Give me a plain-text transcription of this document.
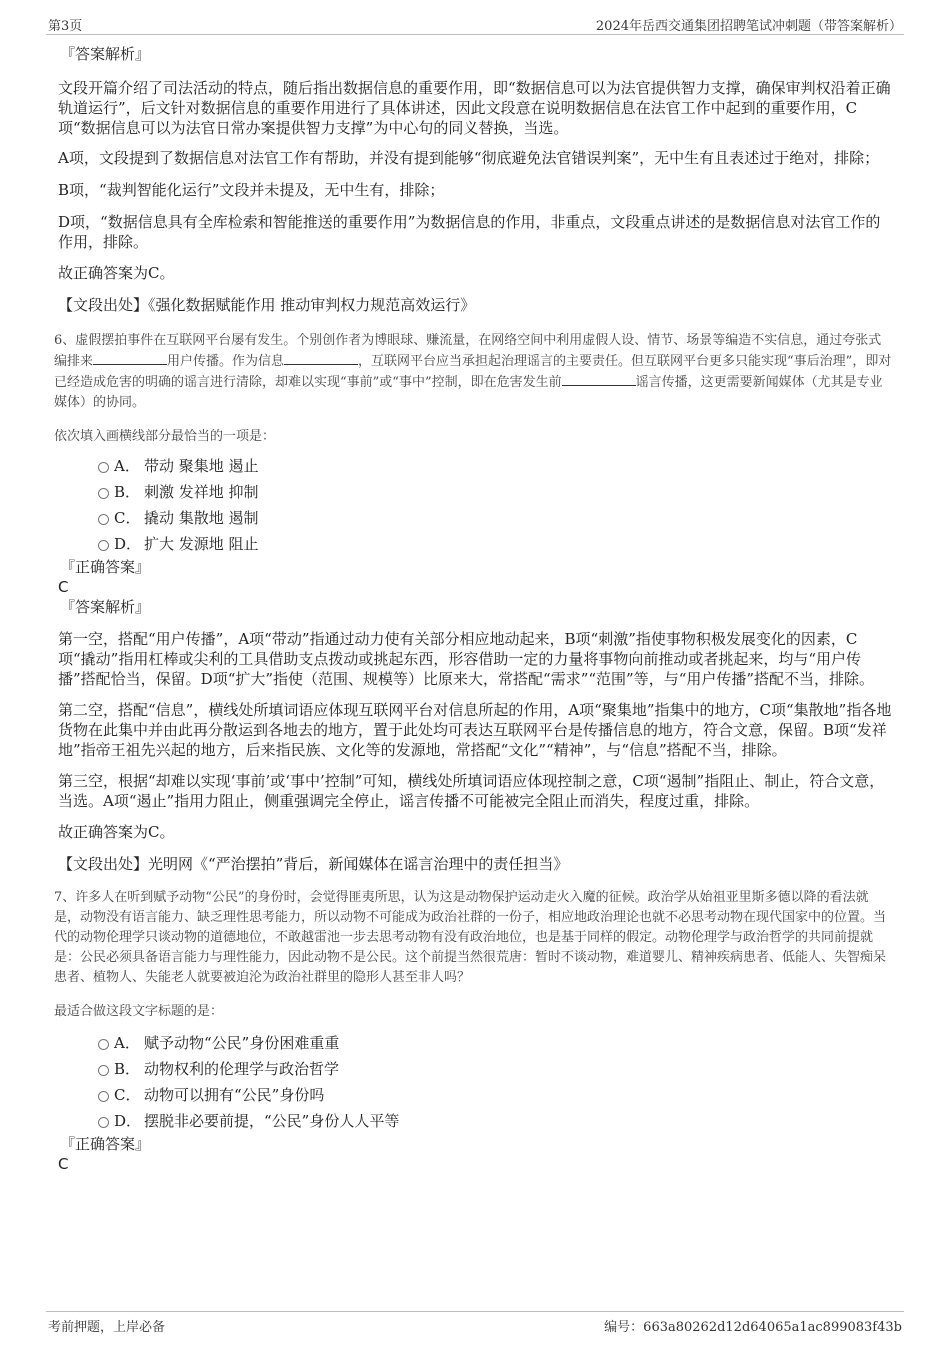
第3页	2024年岳西交通集团招聘笔试冲刺题（带答案解析）
『答案解析』

文段开篇介绍了司法活动的特点，随后指出数据信息的重要作用，即“数据信息可以为法官提供智力支撑，确保审判权沿着正确轨道运行”，后文针对数据信息的重要作用进行了具体讲述，因此文段意在说明数据信息在法官工作中起到的重要作用，C项“数据信息可以为法官日常办案提供智力支撑”为中心句的同义替换，当选。

A项，文段提到了数据信息对法官工作有帮助，并没有提到能够“彻底避免法官错误判案”，无中生有且表述过于绝对，排除；

B项，“裁判智能化运行”文段并未提及，无中生有，排除；

D项，“数据信息具有全库检索和智能推送的重要作用”为数据信息的作用，非重点，文段重点讲述的是数据信息对法官工作的作用，排除。

故正确答案为C。

【文段出处】《强化数据赋能作用 推动审判权力规范高效运行》

6、虚假摆拍事件在互联网平台屡有发生。个别创作者为博眼球、赚流量，在网络空间中利用虚假人设、情节、场景等编造不实信息，通过夸张式编排来	用户传播。作为信息	，互联网平台应当承担起治理谣言的主要责任。但互联网平台更多只能实现“事后治理”，即对已经造成危害的明确的谣言进行清除，却难以实现“事前”或“事中”控制，即在危害发生前	谣言传播，这更需要新闻媒体（尤其是专业媒体）的协同。

依次填入画横线部分最恰当的一项是：

A． 带动 聚集地 遏止
B． 刺激 发祥地 抑制
C． 撬动 集散地 遏制
D． 扩大 发源地 阻止
『正确答案』
C
『答案解析』

第一空，搭配“用户传播”，A项“带动”指通过动力使有关部分相应地动起来，B项“刺激”指使事物积极发展变化的因素，C项“撬动”指用杠棒或尖利的工具借助支点拨动或挑起东西，形容借助一定的力量将事物向前推动或者挑起来，均与“用户传播”搭配恰当，保留。D项“扩大”指使（范围、规模等）比原来大，常搭配“需求”“范围”等，与“用户传播”搭配不当，排除。

第二空，搭配“信息”，横线处所填词语应体现互联网平台对信息所起的作用，A项“聚集地”指集中的地方，C项“集散地”指各地货物在此集中并由此再分散运到各地去的地方，置于此处均可表达互联网平台是传播信息的地方，符合文意，保留。B项“发祥地”指帝王祖先兴起的地方，后来指民族、文化等的发源地，常搭配“文化”“精神”，与“信息”搭配不当，排除。

第三空，根据“却难以实现‘事前’或‘事中’控制”可知，横线处所填词语应体现控制之意，C项“遏制”指阻止、制止，符合文意，当选。A项“遏止”指用力阻止，侧重强调完全停止，谣言传播不可能被完全阻止而消失，程度过重，排除。

故正确答案为C。

【文段出处】光明网《“严治摆拍”背后，新闻媒体在谣言治理中的责任担当》

7、许多人在听到赋予动物“公民”的身份时，会觉得匪夷所思，认为这是动物保护运动走火入魔的征候。政治学从始祖亚里斯多德以降的看法就是，动物没有语言能力、缺乏理性思考能力，所以动物不可能成为政治社群的一份子，相应地政治理论也就不必思考动物在现代国家中的位置。当代的动物伦理学只谈动物的道德地位，不敢越雷池一步去思考动物有没有政治地位，也是基于同样的假定。动物伦理学与政治哲学的共同前提就是：公民必须具备语言能力与理性能力，因此动物不是公民。这个前提当然很荒唐：暂时不谈动物，难道婴儿、精神疾病患者、低能人、失智痴呆患者、植物人、失能老人就要被迫沦为政治社群里的隐形人甚至非人吗？

最适合做这段文字标题的是：

A． 赋予动物“公民”身份困难重重
B． 动物权利的伦理学与政治哲学
C． 动物可以拥有“公民”身份吗
D． 摆脱非必要前提，“公民”身份人人平等
『正确答案』
C
考前押题，上岸必备	编号：663a80262d12d64065a1ac899083f43b
